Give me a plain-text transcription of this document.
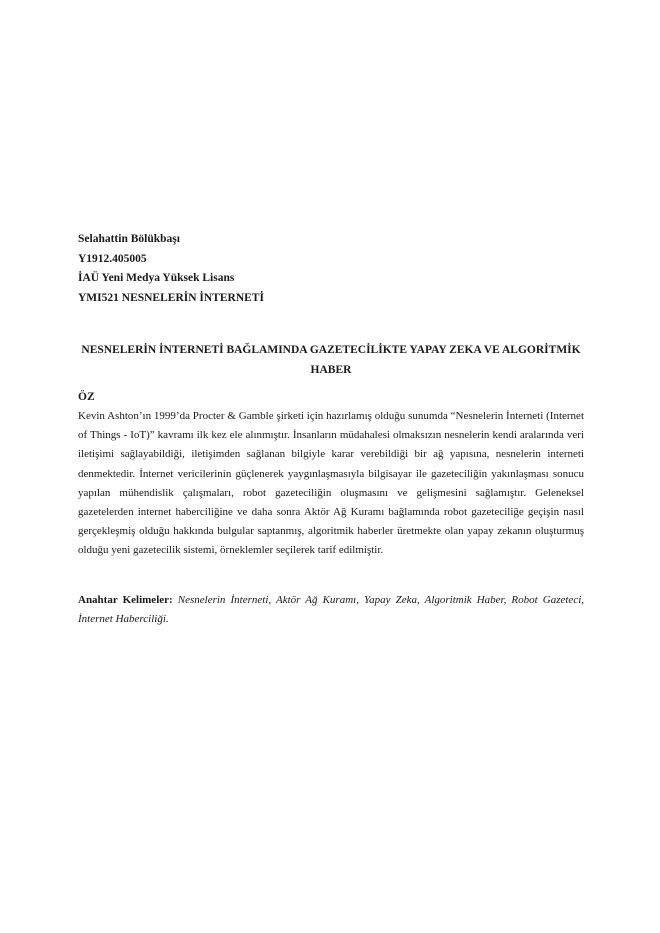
Selahattin Bölükbaşı
Y1912.405005
İAÜ Yeni Medya Yüksek Lisans
YMI521 NESNELERİN İNTERNETİ
NESNELERİN İNTERNETİ BAĞLAMINDA GAZETECİLİKTE YAPAY ZEKA VE ALGORİTMİK HABER
ÖZ
Kevin Ashton’ın 1999’da Procter & Gamble şirketi için hazırlamış olduğu sunumda “Nesnelerin İnterneti (Internet of Things - IoT)” kavramı ilk kez ele alınmıştır. İnsanların müdahalesi olmaksızın nesnelerin kendi aralarında veri iletişimi sağlayabildiği, iletişimden sağlanan bilgiyle karar verebildiği bir ağ yapısına, nesnelerin interneti denmektedir. İnternet vericilerinin güçlenerek yaygınlaşmasıyla bilgisayar ile gazeteciliğin yakınlaşması sonucu yapılan mühendislik çalışmaları, robot gazeteciliğin oluşmasını ve gelişmesini sağlamıştır. Geleneksel gazetelerden internet haberciliğine ve daha sonra Aktör Ağ Kuramı bağlamında robot gazeteciliğe geçişin nasıl gerçekleşmiş olduğu hakkında bulgular saptanmış, algoritmik haberler üretmekte olan yapay zekanın oluşturmuş olduğu yeni gazetecilik sistemi, örneklemler seçilerek tarif edilmiştir.
Anahtar Kelimeler: Nesnelerin İnterneti, Aktör Ağ Kuramı, Yapay Zeka, Algoritmik Haber, Robot Gazeteci, İnternet Haberciliği.
